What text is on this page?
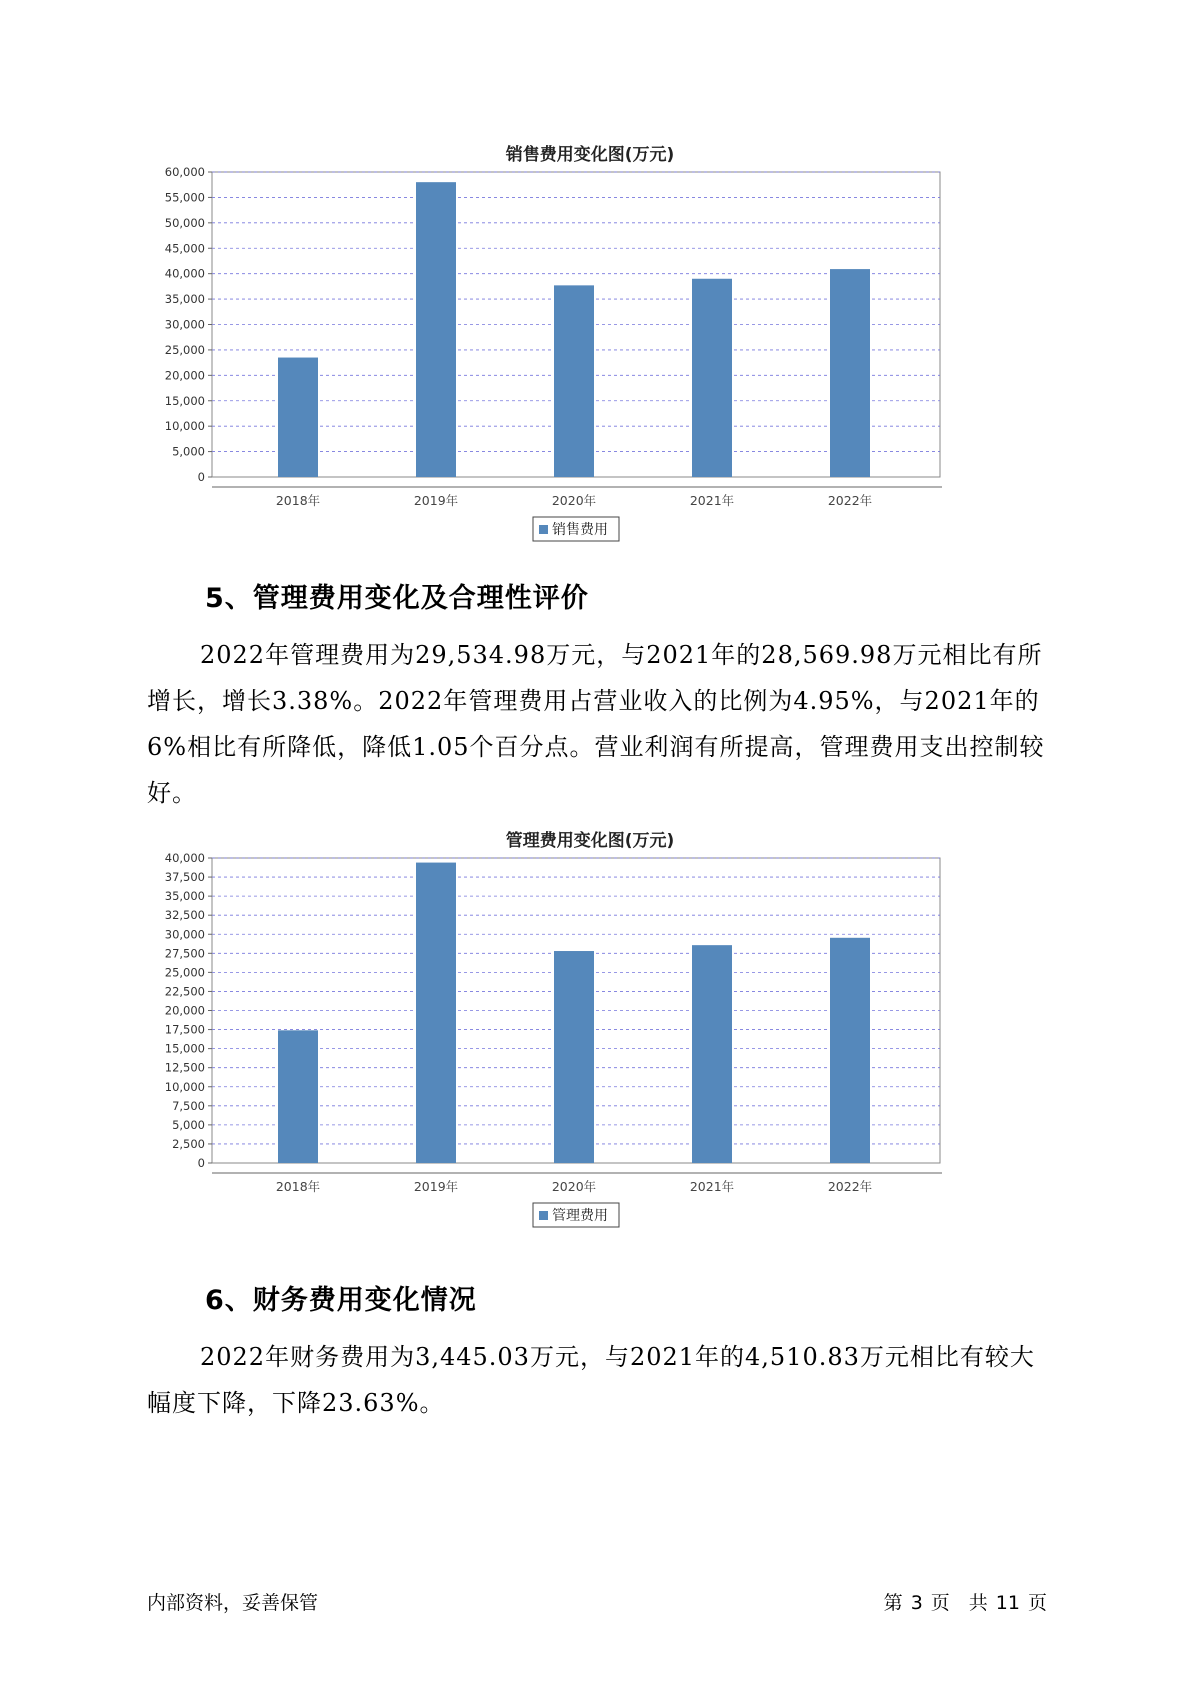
销售费用变化图(万元)
0
5,000
10,000
15,000
20,000
25,000
30,000
35,000
40,000
45,000
50,000
55,000
60,000
2018年	2019年	2020年	2021年	2022年
销售费用
5、管理费用变化及合理性评价
2022年管理费用为29,534.98万元，与2021年的28,569.98万元相比有所增长，增长3.38%。2022年管理费用占营业收入的比例为4.95%，与2021年的6%相比有所降低，降低1.05个百分点。营业利润有所提高，管理费用支出控制较好。
管理费用变化图(万元)
0
2,500
5,000
7,500
10,000
12,500
15,000
17,500
20,000
22,500
25,000
27,500
30,000
32,500
35,000
37,500
40,000
2018年	2019年	2020年	2021年	2022年
管理费用
6、财务费用变化情况
2022年财务费用为3,445.03万元，与2021年的4,510.83万元相比有较大幅度下降，下降23.63%。
内部资料，妥善保管	第 3 页　共 11 页
